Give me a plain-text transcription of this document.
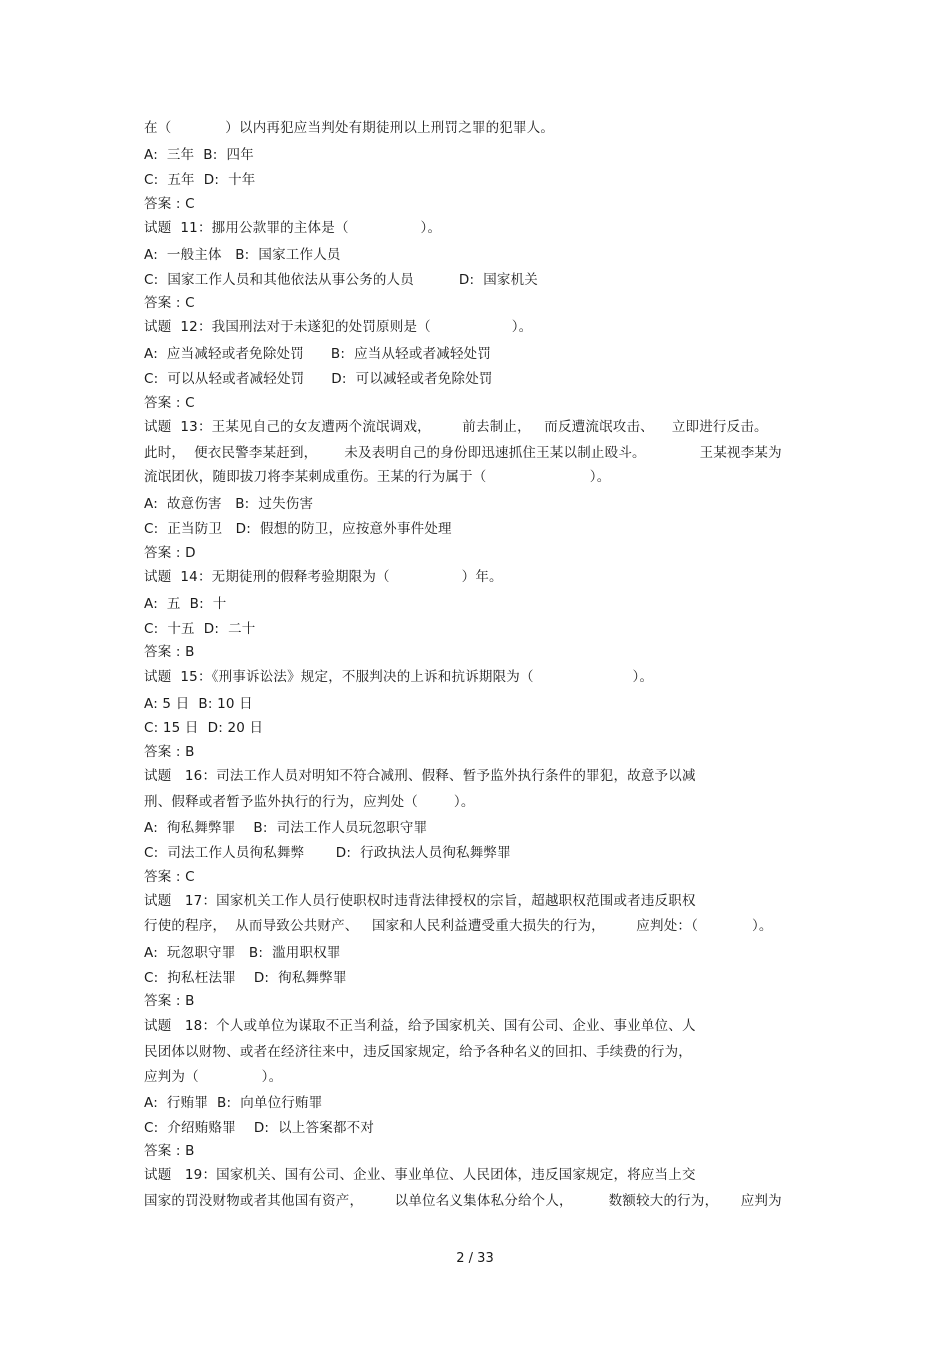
在（            ）以内再犯应当判处有期徒刑以上刑罚之罪的犯罪人。
A:  三年  B:  四年
C:  五年  D:  十年
答案 : C
试题  11：挪用公款罪的主体是（                ）。
A:  一般主体   B:  国家工作人员
C:  国家工作人员和其他依法从事公务的人员          D:  国家机关
答案 : C
试题  12：我国刑法对于未遂犯的处罚原则是（                  ）。
A:  应当减轻或者免除处罚      B:  应当从轻或者减轻处罚
C:  可以从轻或者减轻处罚      D:  可以减轻或者免除处罚
答案 : C
试题  13：王某见自己的女友遭两个流氓调戏，       前去制止，   而反遭流氓攻击、    立即进行反击。
此时，  便衣民警李某赶到，      未及表明自己的身份即迅速抓住王某以制止殴斗。            王某视李某为
流氓团伙，随即拔刀将李某刺成重伤。王某的行为属于（                       ）。
A:  故意伤害   B:  过失伤害
C:  正当防卫   D:  假想的防卫，应按意外事件处理
答案 : D
试题  14：无期徒刑的假释考验期限为（                ）年。
A:  五  B:  十
C:  十五  D:  二十
答案 : B
试题  15：《刑事诉讼法》规定，不服判决的上诉和抗诉期限为（                      ）。
A: 5 日  B: 10 日
C: 15 日  D: 20 日
答案 : B
试题   16：司法工作人员对明知不符合减刑、假释、暂予监外执行条件的罪犯，故意予以减
刑、假释或者暂予监外执行的行为，应判处（        ）。
A:  徇私舞弊罪    B:  司法工作人员玩忽职守罪
C:  司法工作人员徇私舞弊       D:  行政执法人员徇私舞弊罪
答案 : C
试题   17：国家机关工作人员行使职权时违背法律授权的宗旨，超越职权范围或者违反职权
行使的程序，  从而导致公共财产、   国家和人民利益遭受重大损失的行为，       应判处：（            ）。
A:  玩忽职守罪   B:  滥用职权罪
C:  拘私枉法罪    D:  徇私舞弊罪
答案 : B
试题   18：个人或单位为谋取不正当利益，给予国家机关、国有公司、企业、事业单位、人
民团体以财物、或者在经济往来中，违反国家规定，给予各种名义的回扣、手续费的行为，
应判为（              ）。
A:  行贿罪  B:  向单位行贿罪
C:  介绍贿赂罪    D:  以上答案都不对
答案 : B
试题   19：国家机关、国有公司、企业、事业单位、人民团体，违反国家规定，将应当上交
国家的罚没财物或者其他国有资产，       以单位名义集体私分给个人，        数额较大的行为，     应判为
2 / 33
